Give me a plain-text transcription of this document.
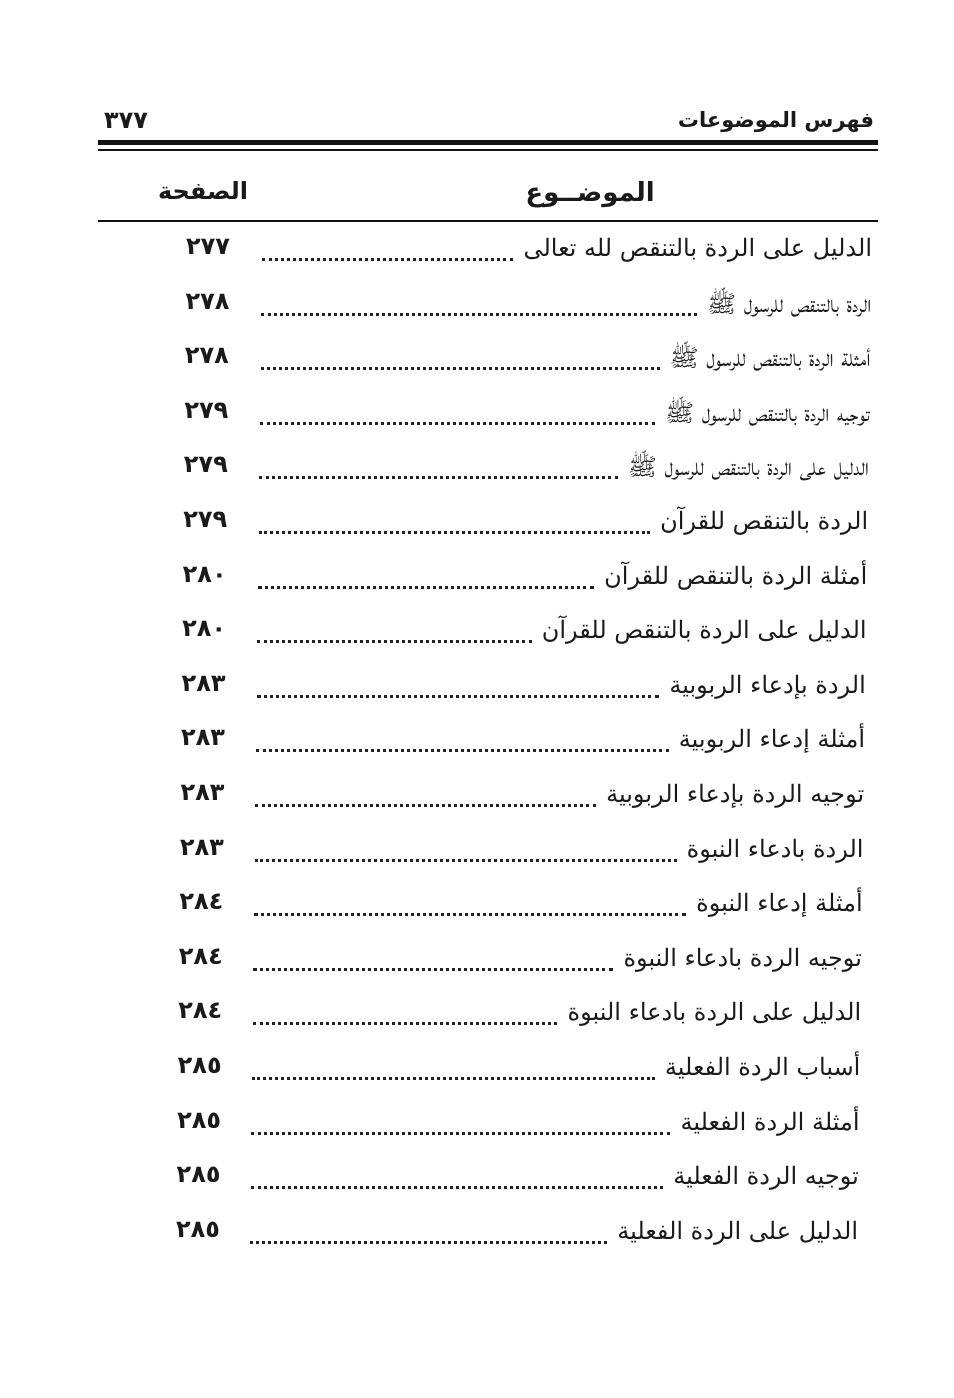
فهرس الموضوعات
٣٧٧
الموضــوع
الصفحة
الدليل على الردة بالتنقص لله تعالى
٢٧٧
الردة بالتنقص للرسول ﷺ
٢٧٨
أمثلة الردة بالتنقص للرسول ﷺ
٢٧٨
توجيه الردة بالتنقص للرسول ﷺ
٢٧٩
الدليل على الردة بالتنقص للرسول ﷺ
٢٧٩
الردة بالتنقص للقرآن
٢٧٩
أمثلة الردة بالتنقص للقرآن
٢٨٠
الدليل على الردة بالتنقص للقرآن
٢٨٠
الردة بإدعاء الربوبية
٢٨٣
أمثلة إدعاء الربوبية
٢٨٣
توجيه الردة بإدعاء الربوبية
٢٨٣
الردة بادعاء النبوة
٢٨٣
أمثلة إدعاء النبوة
٢٨٤
توجيه الردة بادعاء النبوة
٢٨٤
الدليل على الردة بادعاء النبوة
٢٨٤
أسباب الردة الفعلية
٢٨٥
أمثلة الردة الفعلية
٢٨٥
توجيه الردة الفعلية
٢٨٥
الدليل على الردة الفعلية
٢٨٥
